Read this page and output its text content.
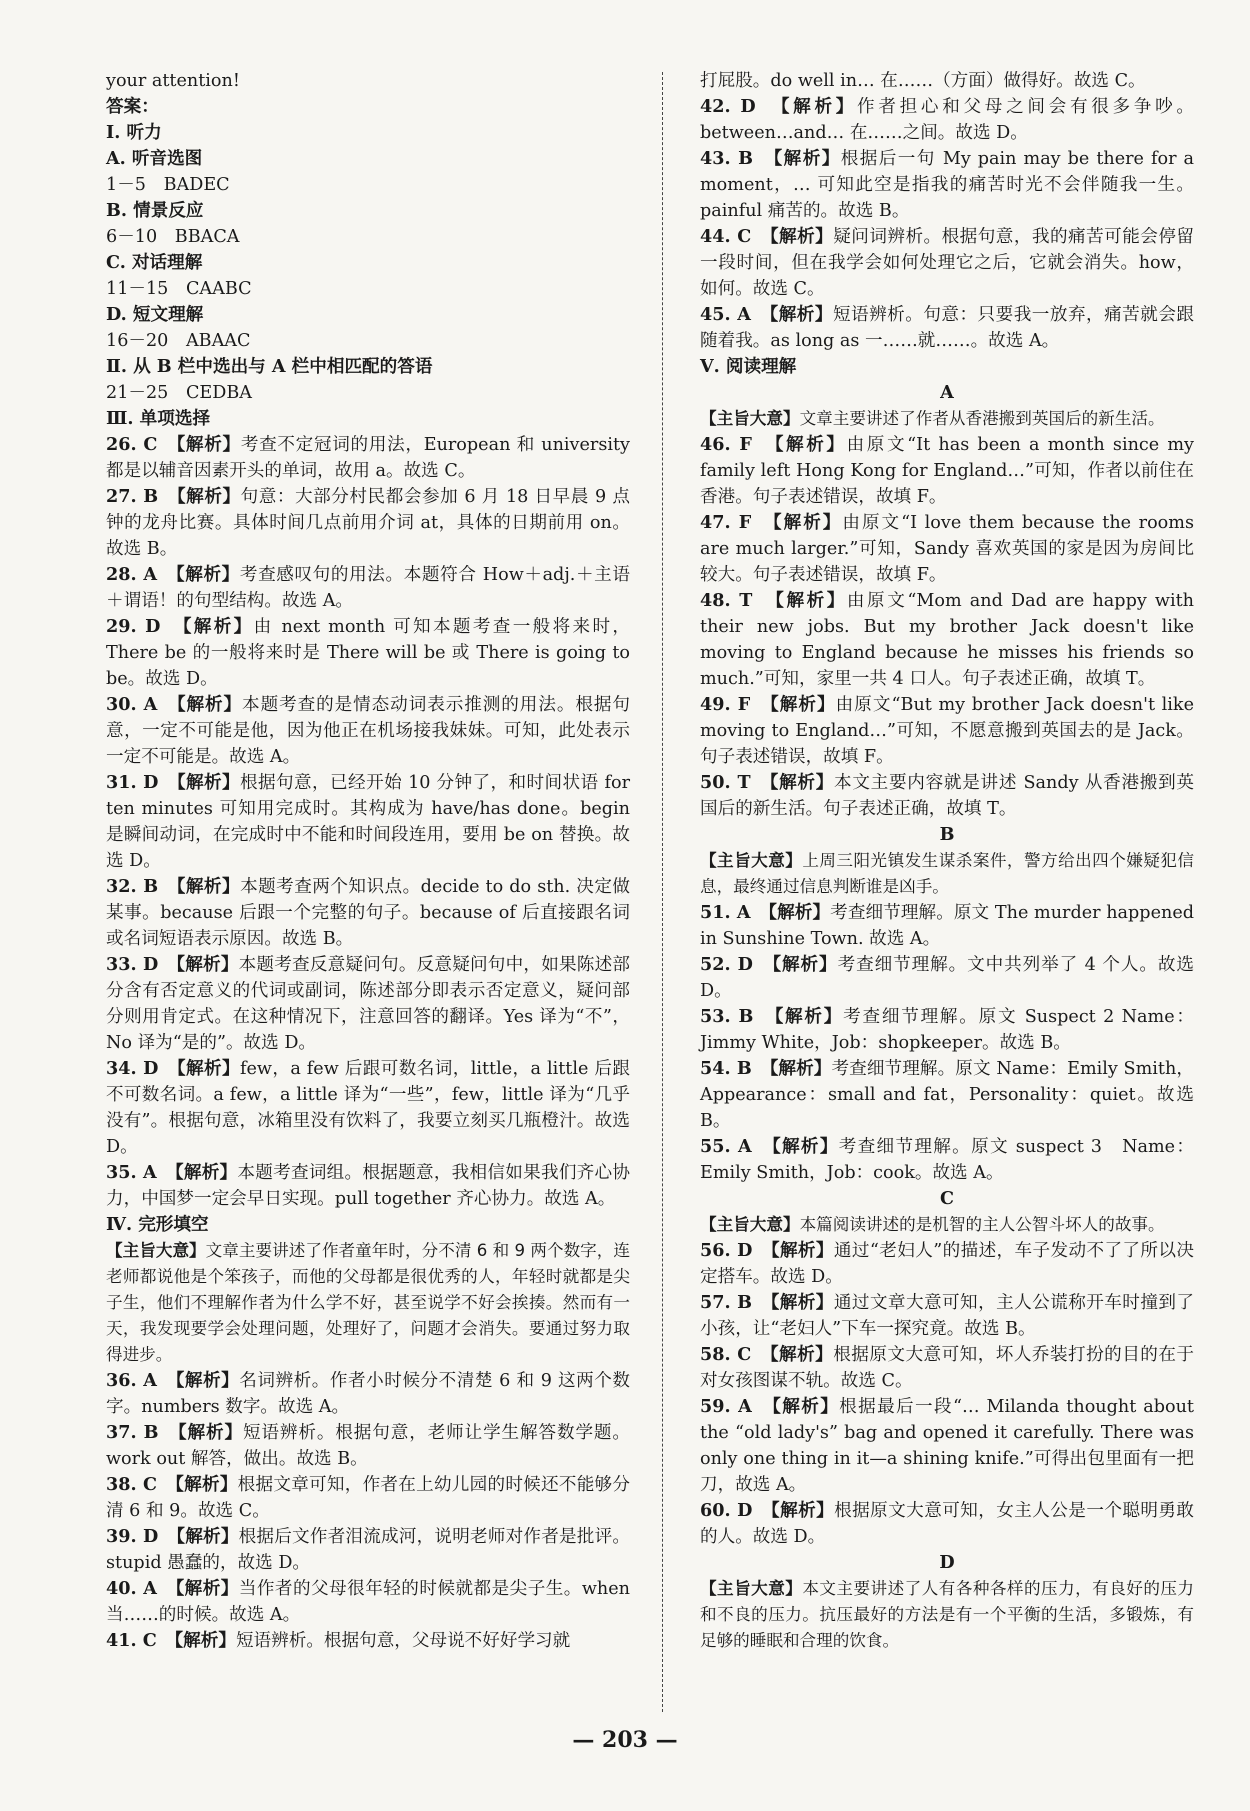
your attention!
答案：
Ⅰ. 听力
A. 听音选图
1－5　BADEC
B. 情景反应
6－10　BBACA
C. 对话理解
11－15　CAABC
D. 短文理解
16－20　ABAAC
Ⅱ. 从 B 栏中选出与 A 栏中相匹配的答语
21－25　CEDBA
Ⅲ. 单项选择
26. C　 【解析】考查不定冠词的用法，European 和 university 都是以辅音因素开头的单词，故用 a。故选 C。
27. B　 【解析】句意：大部分村民都会参加 6 月 18 日早晨 9 点钟的龙舟比赛。具体时间几点前用介词 at，具体的日期前用 on。故选 B。
28. A　 【解析】考查感叹句的用法。本题符合 How＋adj.＋主语＋谓语！的句型结构。故选 A。
29. D　 【解析】由 next month 可知本题考查一般将来时，There be 的一般将来时是 There will be 或 There is going to be。故选 D。
30. A　 【解析】本题考查的是情态动词表示推测的用法。根据句意，一定不可能是他，因为他正在机场接我妹妹。可知，此处表示一定不可能是。故选 A。
31. D　 【解析】根据句意，已经开始 10 分钟了，和时间状语 for ten minutes 可知用完成时。其构成为 have/has done。begin 是瞬间动词，在完成时中不能和时间段连用，要用 be on 替换。故选 D。
32. B　 【解析】本题考查两个知识点。decide to do sth. 决定做某事。because 后跟一个完整的句子。because of 后直接跟名词或名词短语表示原因。故选 B。
33. D　 【解析】本题考查反意疑问句。反意疑问句中，如果陈述部分含有否定意义的代词或副词，陈述部分即表示否定意义，疑问部分则用肯定式。在这种情况下，注意回答的翻译。Yes 译为“不”，No 译为“是的”。故选 D。
34. D　 【解析】few，a few 后跟可数名词，little，a little 后跟不可数名词。a few，a little 译为“一些”，few，little 译为“几乎没有”。根据句意，冰箱里没有饮料了，我要立刻买几瓶橙汁。故选 D。
35. A　 【解析】本题考查词组。根据题意，我相信如果我们齐心协力，中国梦一定会早日实现。pull together 齐心协力。故选 A。
Ⅳ. 完形填空
【主旨大意】文章主要讲述了作者童年时，分不清 6 和 9 两个数字，连老师都说他是个笨孩子，而他的父母都是很优秀的人，年轻时就都是尖子生，他们不理解作者为什么学不好，甚至说学不好会挨揍。然而有一天，我发现要学会处理问题，处理好了，问题才会消失。要通过努力取得进步。
36. A　 【解析】名词辨析。作者小时候分不清楚 6 和 9 这两个数字。numbers 数字。故选 A。
37. B　 【解析】短语辨析。根据句意，老师让学生解答数学题。work out 解答，做出。故选 B。
38. C　 【解析】根据文章可知，作者在上幼儿园的时候还不能够分清 6 和 9。故选 C。
39. D　 【解析】根据后文作者泪流成河，说明老师对作者是批评。stupid 愚蠢的，故选 D。
40. A　 【解析】当作者的父母很年轻的时候就都是尖子生。when 当……的时候。故选 A。
41. C　 【解析】短语辨析。根据句意，父母说不好好学习就
打屁股。do well in… 在……（方面）做得好。故选 C。
42. D　 【解析】作者担心和父母之间会有很多争吵。between…and… 在……之间。故选 D。
43. B　 【解析】根据后一句 My pain may be there for a moment，… 可知此空是指我的痛苦时光不会伴随我一生。painful 痛苦的。故选 B。
44. C　 【解析】疑问词辨析。根据句意，我的痛苦可能会停留一段时间，但在我学会如何处理它之后，它就会消失。how，如何。故选 C。
45. A　 【解析】短语辨析。句意：只要我一放弃，痛苦就会跟随着我。as long as 一……就……。故选 A。
Ⅴ. 阅读理解
A
【主旨大意】文章主要讲述了作者从香港搬到英国后的新生活。
46. F　 【解析】由原文“It has been a month since my family left Hong Kong for England…”可知，作者以前住在香港。句子表述错误，故填 F。
47. F　 【解析】由原文“I love them because the rooms are much larger.”可知，Sandy 喜欢英国的家是因为房间比较大。句子表述错误，故填 F。
48. T　 【解析】由原文“Mom and Dad are happy with their new jobs. But my brother Jack doesn't like moving to England because he misses his friends so much.”可知，家里一共 4 口人。句子表述正确，故填 T。
49. F　 【解析】由原文“But my brother Jack doesn't like moving to England…”可知，不愿意搬到英国去的是 Jack。句子表述错误，故填 F。
50. T　 【解析】本文主要内容就是讲述 Sandy 从香港搬到英国后的新生活。句子表述正确，故填 T。
B
【主旨大意】上周三阳光镇发生谋杀案件，警方给出四个嫌疑犯信息，最终通过信息判断谁是凶手。
51. A　 【解析】考查细节理解。原文 The murder happened in Sunshine Town. 故选 A。
52. D　 【解析】考查细节理解。文中共列举了 4 个人。故选 D。
53. B　 【解析】考查细节理解。原文 Suspect 2 Name：Jimmy White，Job：shopkeeper。故选 B。
54. B　 【解析】考查细节理解。原文 Name：Emily Smith，Appearance：small and fat，Personality：quiet。故选 B。
55. A　 【解析】考查细节理解。原文 suspect 3　Name：Emily Smith，Job：cook。故选 A。
C
【主旨大意】本篇阅读讲述的是机智的主人公智斗坏人的故事。
56. D　 【解析】通过“老妇人”的描述，车子发动不了了所以决定搭车。故选 D。
57. B　 【解析】通过文章大意可知，主人公谎称开车时撞到了小孩，让“老妇人”下车一探究竟。故选 B。
58. C　 【解析】根据原文大意可知，坏人乔装打扮的目的在于对女孩图谋不轨。故选 C。
59. A　 【解析】根据最后一段“… Milanda thought about the “old lady's” bag and opened it carefully. There was only one thing in it—a shining knife.”可得出包里面有一把刀，故选 A。
60. D　 【解析】根据原文大意可知，女主人公是一个聪明勇敢的人。故选 D。
D
【主旨大意】本文主要讲述了人有各种各样的压力，有良好的压力和不良的压力。抗压最好的方法是有一个平衡的生活，多锻炼，有足够的睡眠和合理的饮食。
— 203 —
